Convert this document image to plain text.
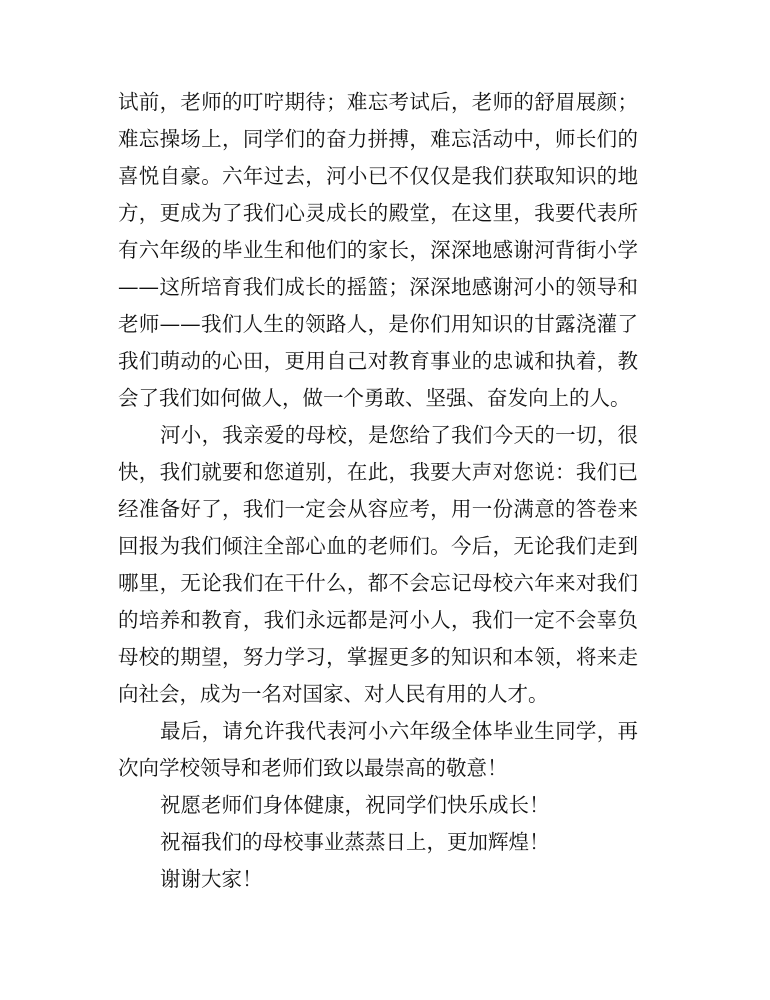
试前，老师的叮咛期待；难忘考试后，老师的舒眉展颜；
难忘操场上，同学们的奋力拼搏，难忘活动中，师长们的
喜悦自豪。六年过去，河小已不仅仅是我们获取知识的地
方，更成为了我们心灵成长的殿堂，在这里，我要代表所
有六年级的毕业生和他们的家长，深深地感谢河背街小学
——这所培育我们成长的摇篮；深深地感谢河小的领导和
老师——我们人生的领路人，是你们用知识的甘露浇灌了
我们萌动的心田，更用自己对教育事业的忠诚和执着，教
会了我们如何做人，做一个勇敢、坚强、奋发向上的人。
河小，我亲爱的母校，是您给了我们今天的一切，很
快，我们就要和您道别，在此，我要大声对您说：我们已
经准备好了，我们一定会从容应考，用一份满意的答卷来
回报为我们倾注全部心血的老师们。今后，无论我们走到
哪里，无论我们在干什么，都不会忘记母校六年来对我们
的培养和教育，我们永远都是河小人，我们一定不会辜负
母校的期望，努力学习，掌握更多的知识和本领，将来走
向社会，成为一名对国家、对人民有用的人才。
最后，请允许我代表河小六年级全体毕业生同学，再
次向学校领导和老师们致以最崇高的敬意！
祝愿老师们身体健康，祝同学们快乐成长！
祝福我们的母校事业蒸蒸日上，更加辉煌！
谢谢大家！
